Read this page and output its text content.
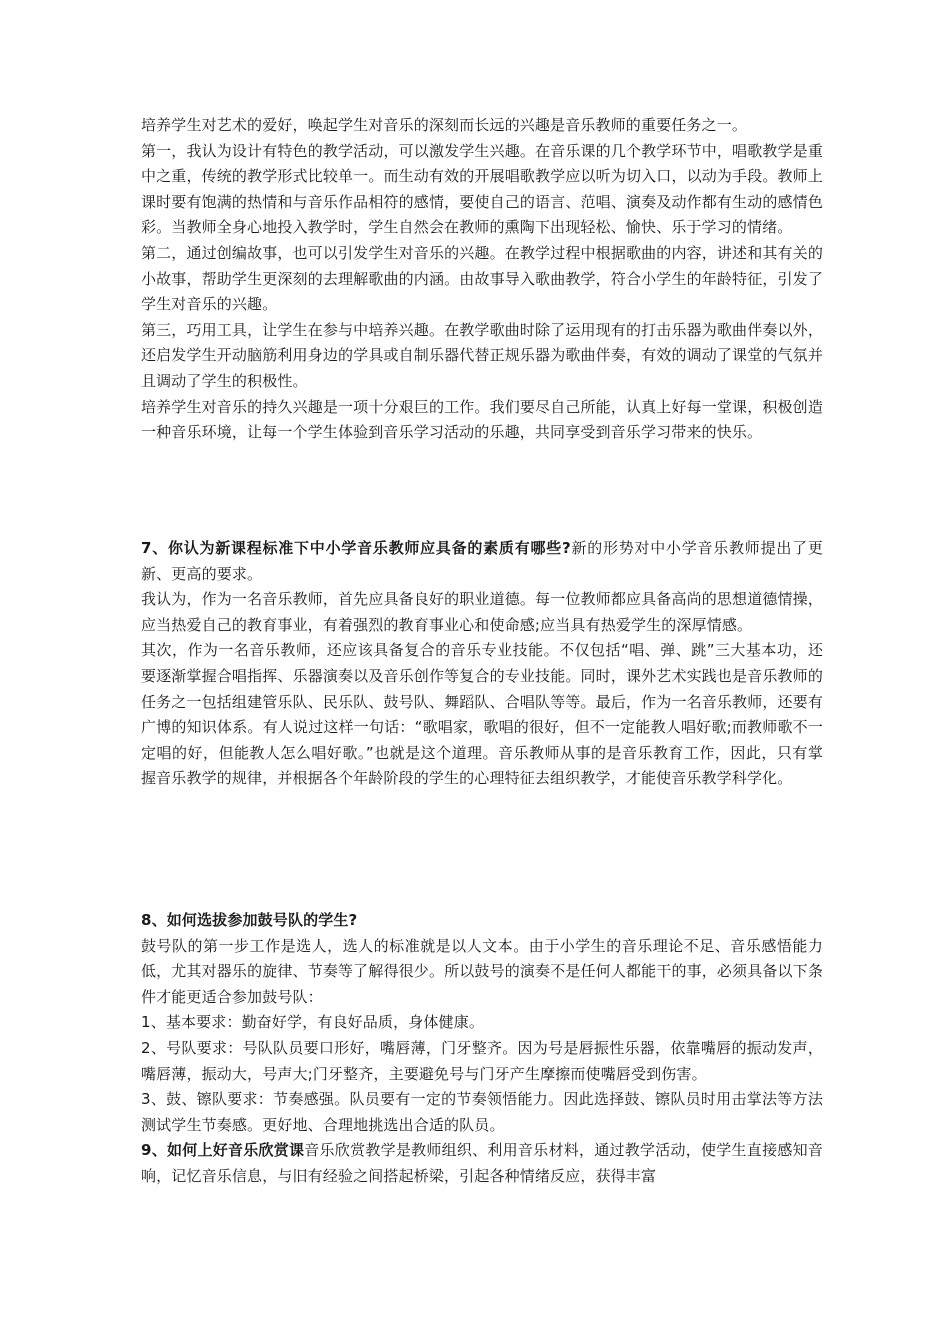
培养学生对艺术的爱好，唤起学生对音乐的深刻而长远的兴趣是音乐教师的重要任务之一。

第一，我认为设计有特色的教学活动，可以激发学生兴趣。在音乐课的几个教学环节中，唱歌教学是重中之重，传统的教学形式比较单一。而生动有效的开展唱歌教学应以听为切入口，以动为手段。教师上课时要有饱满的热情和与音乐作品相符的感情，要使自己的语言、范唱、演奏及动作都有生动的感情色彩。当教师全身心地投入教学时，学生自然会在教师的熏陶下出现轻松、愉快、乐于学习的情绪。

第二，通过创编故事，也可以引发学生对音乐的兴趣。在教学过程中根据歌曲的内容，讲述和其有关的小故事，帮助学生更深刻的去理解歌曲的内涵。由故事导入歌曲教学，符合小学生的年龄特征，引发了学生对音乐的兴趣。

第三，巧用工具，让学生在参与中培养兴趣。在教学歌曲时除了运用现有的打击乐器为歌曲伴奏以外，还启发学生开动脑筋利用身边的学具或自制乐器代替正规乐器为歌曲伴奏，有效的调动了课堂的气氛并且调动了学生的积极性。

培养学生对音乐的持久兴趣是一项十分艰巨的工作。我们要尽自己所能，认真上好每一堂课，积极创造一种音乐环境，让每一个学生体验到音乐学习活动的乐趣，共同享受到音乐学习带来的快乐。

7、你认为新课程标准下中小学音乐教师应具备的素质有哪些?新的形势对中小学音乐教师提出了更新、更高的要求。

我认为，作为一名音乐教师，首先应具备良好的职业道德。每一位教师都应具备高尚的思想道德情操，应当热爱自己的教育事业，有着强烈的教育事业心和使命感;应当具有热爱学生的深厚情感。

其次，作为一名音乐教师，还应该具备复合的音乐专业技能。不仅包括“唱、弹、跳”三大基本功，还要逐渐掌握合唱指挥、乐器演奏以及音乐创作等复合的专业技能。同时，课外艺术实践也是音乐教师的任务之一包括组建管乐队、民乐队、鼓号队、舞蹈队、合唱队等等。最后，作为一名音乐教师，还要有广博的知识体系。有人说过这样一句话：“歌唱家，歌唱的很好，但不一定能教人唱好歌;而教师歌不一定唱的好，但能教人怎么唱好歌。”也就是这个道理。音乐教师从事的是音乐教育工作，因此，只有掌握音乐教学的规律，并根据各个年龄阶段的学生的心理特征去组织教学，才能使音乐教学科学化。

8、如何选拔参加鼓号队的学生?

鼓号队的第一步工作是选人，选人的标准就是以人文本。由于小学生的音乐理论不足、音乐感悟能力低，尤其对器乐的旋律、节奏等了解得很少。所以鼓号的演奏不是任何人都能干的事，必须具备以下条件才能更适合参加鼓号队：

1、基本要求：勤奋好学，有良好品质，身体健康。

2、号队要求：号队队员要口形好，嘴唇薄，门牙整齐。因为号是唇振性乐器，依靠嘴唇的振动发声，嘴唇薄，振动大，号声大;门牙整齐，主要避免号与门牙产生摩擦而使嘴唇受到伤害。

3、鼓、镲队要求：节奏感强。队员要有一定的节奏领悟能力。因此选择鼓、镲队员时用击掌法等方法测试学生节奏感。更好地、合理地挑选出合适的队员。

9、如何上好音乐欣赏课音乐欣赏教学是教师组织、利用音乐材料，通过教学活动，使学生直接感知音响，记忆音乐信息，与旧有经验之间搭起桥梁，引起各种情绪反应，获得丰富
